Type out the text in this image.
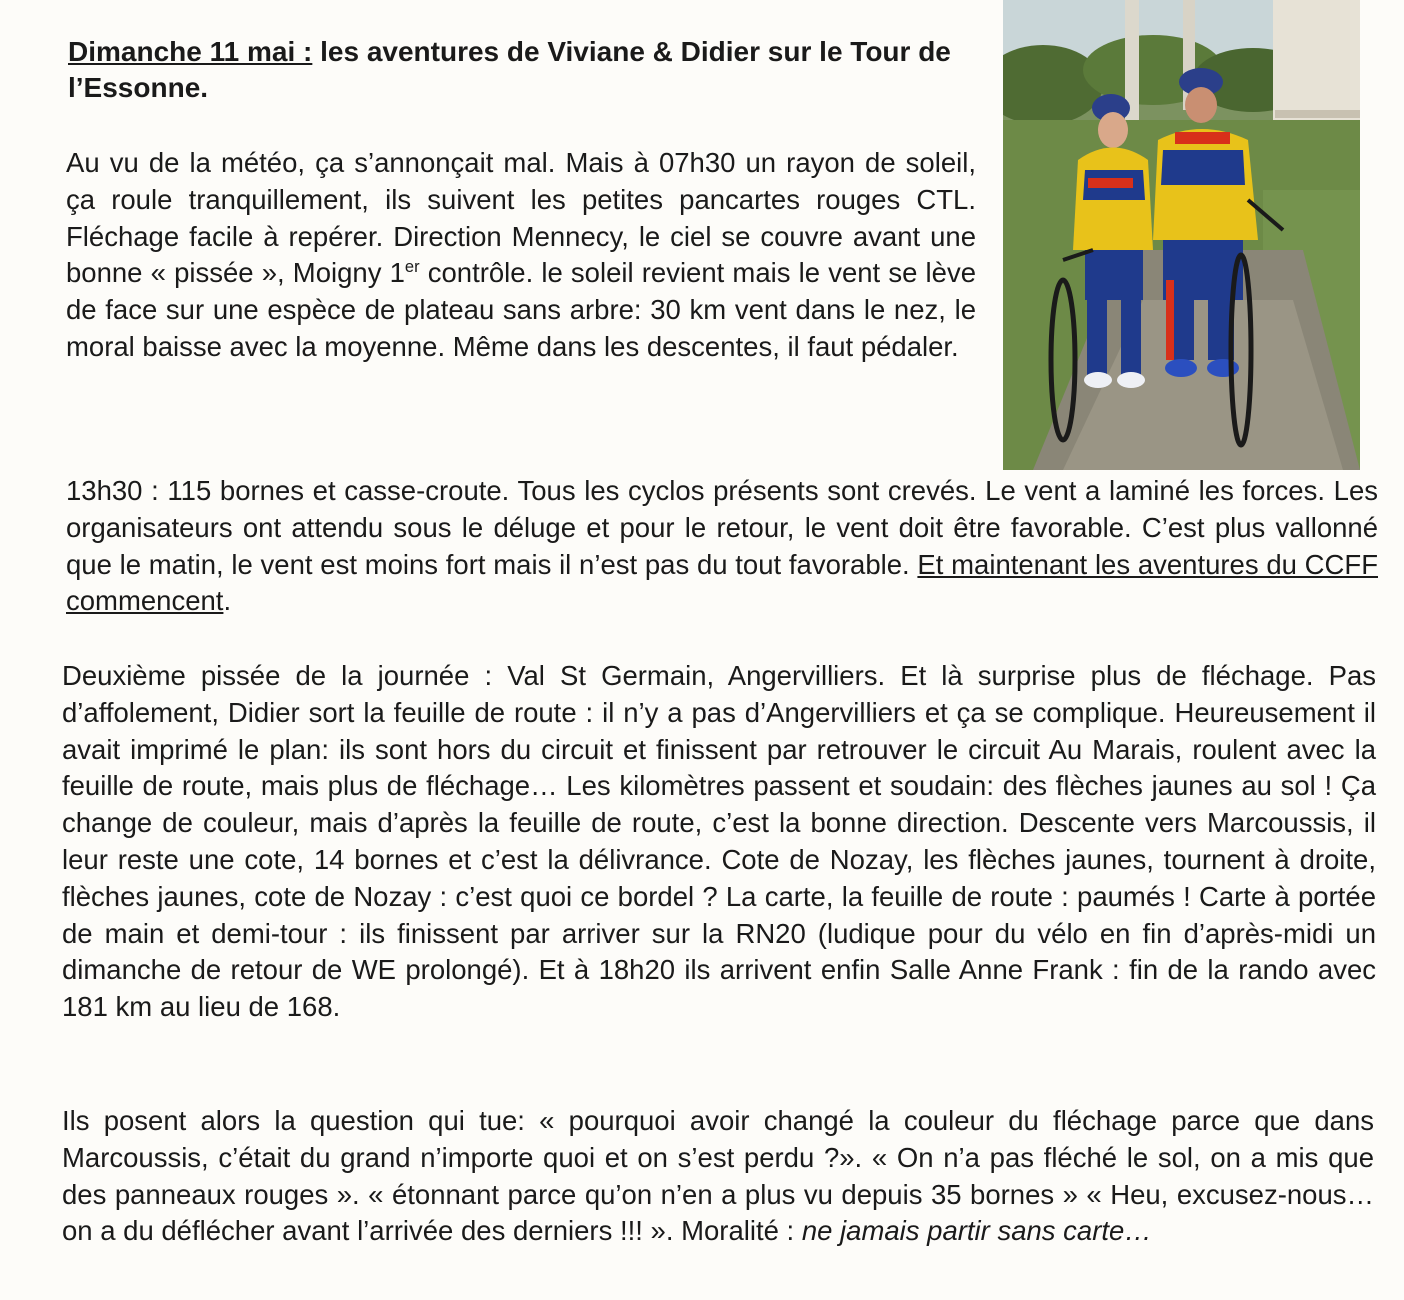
Dimanche 11 mai : les aventures de Viviane & Didier sur le Tour de l’Essonne.

Au vu de la météo, ça s’annonçait mal. Mais à 07h30 un rayon de soleil, ça roule tranquillement, ils suivent les petites pancartes rouges CTL. Fléchage facile à repérer. Direction Mennecy, le ciel se couvre avant une bonne « pissée », Moigny 1er contrôle. le soleil revient mais le vent se lève de face sur une espèce de plateau sans arbre: 30 km vent dans le nez, le moral baisse avec la moyenne. Même dans les descentes, il faut pédaler.

13h30 : 115 bornes et casse-croute. Tous les cyclos présents sont crevés. Le vent a laminé les forces. Les organisateurs ont attendu sous le déluge et pour le retour, le vent doit être favorable. C’est plus vallonné que le matin, le vent est moins fort mais il n’est pas du tout favorable. Et maintenant les aventures du CCFF commencent.

Deuxième pissée de la journée : Val St Germain, Angervilliers. Et là surprise plus de fléchage. Pas d’affolement, Didier sort la feuille de route : il n’y a pas d’Angervilliers et ça se complique. Heureusement il avait imprimé le plan: ils sont hors du circuit et finissent par retrouver le circuit Au Marais, roulent avec la feuille de route, mais plus de fléchage… Les kilomètres passent et soudain: des flèches jaunes au sol ! Ça change de couleur, mais d’après la feuille de route, c’est la bonne direction. Descente vers Marcoussis, il leur reste une cote, 14 bornes et c’est la délivrance. Cote de Nozay, les flèches jaunes, tournent à droite, flèches jaunes, cote de Nozay : c’est quoi ce bordel ? La carte, la feuille de route : paumés ! Carte à portée de main et demi-tour : ils finissent par arriver sur la RN20 (ludique pour du vélo en fin d’après-midi un dimanche de retour de WE prolongé). Et à 18h20 ils arrivent enfin Salle Anne Frank : fin de la rando avec 181 km au lieu de 168.

Ils posent alors la question qui tue: « pourquoi avoir changé la couleur du fléchage parce que dans Marcoussis, c’était du grand n’importe quoi et on s’est perdu ?». « On n’a pas fléché le sol, on a mis que des panneaux rouges ». « étonnant parce qu’on n’en a plus vu depuis 35 bornes » « Heu, excusez-nous… on a du déflécher avant l’arrivée des derniers !!! ». Moralité : ne jamais partir sans carte…
